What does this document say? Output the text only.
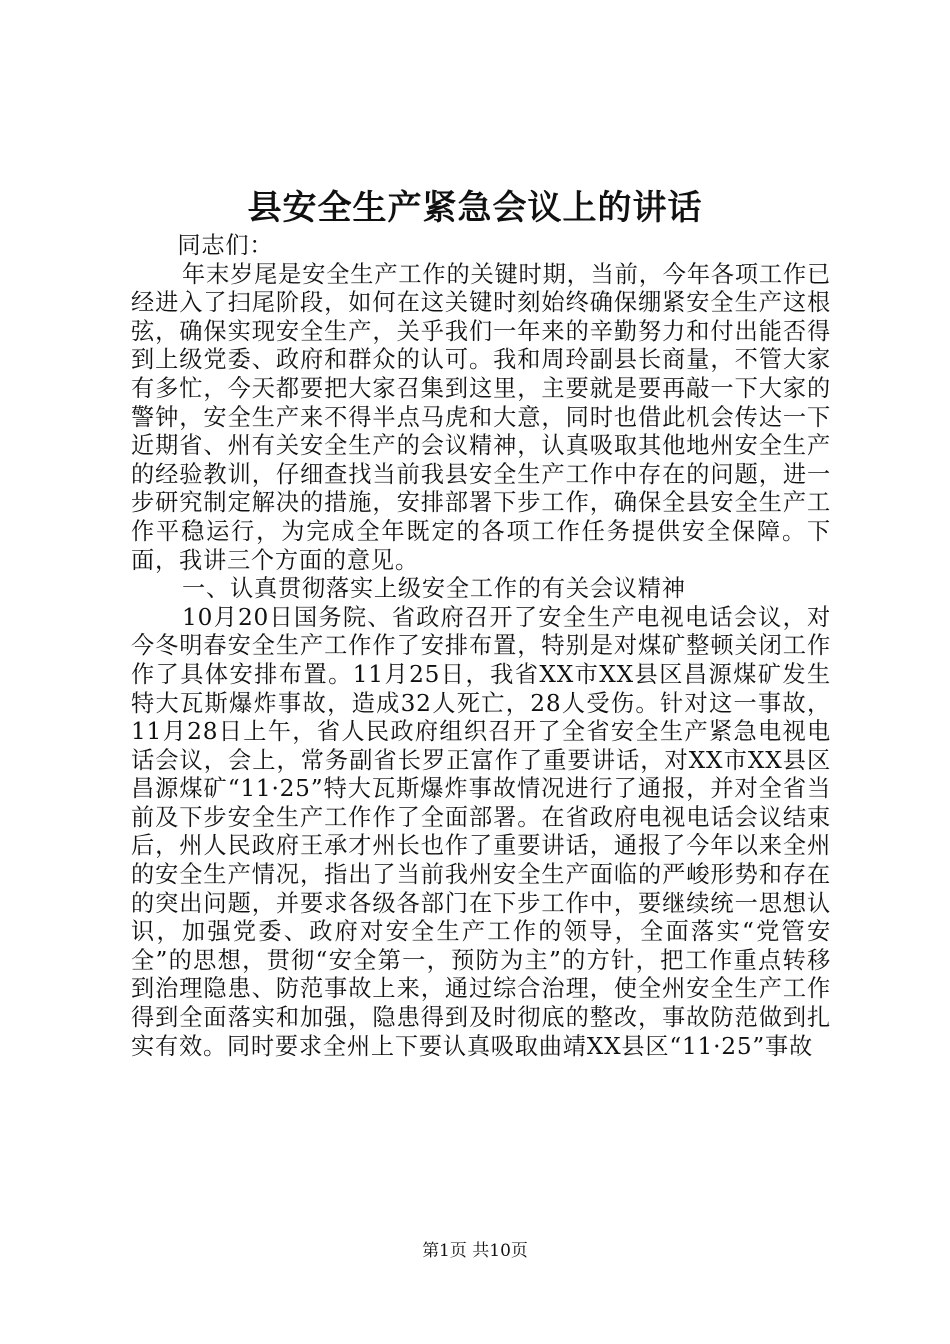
县安全生产紧急会议上的讲话

同志们：

年末岁尾是安全生产工作的关键时期，当前，今年各项工作已经进入了扫尾阶段，如何在这关键时刻始终确保绷紧安全生产这根弦，确保实现安全生产，关乎我们一年来的辛勤努力和付出能否得到上级党委、政府和群众的认可。我和周玲副县长商量，不管大家有多忙，今天都要把大家召集到这里，主要就是要再敲一下大家的警钟，安全生产来不得半点马虎和大意，同时也借此机会传达一下近期省、州有关安全生产的会议精神，认真吸取其他地州安全生产的经验教训，仔细查找当前我县安全生产工作中存在的问题，进一步研究制定解决的措施，安排部署下步工作，确保全县安全生产工作平稳运行，为完成全年既定的各项工作任务提供安全保障。下面，我讲三个方面的意见。

一、认真贯彻落实上级安全工作的有关会议精神

10月20日国务院、省政府召开了安全生产电视电话会议，对今冬明春安全生产工作作了安排布置，特别是对煤矿整顿关闭工作作了具体安排布置。11月25日，我省XX市XX县区昌源煤矿发生特大瓦斯爆炸事故，造成32人死亡，28人受伤。针对这一事故，11月28日上午，省人民政府组织召开了全省安全生产紧急电视电话会议，会上，常务副省长罗正富作了重要讲话，对XX市XX县区昌源煤矿“11·25”特大瓦斯爆炸事故情况进行了通报，并对全省当前及下步安全生产工作作了全面部署。在省政府电视电话会议结束后，州人民政府王承才州长也作了重要讲话，通报了今年以来全州的安全生产情况，指出了当前我州安全生产面临的严峻形势和存在的突出问题，并要求各级各部门在下步工作中，要继续统一思想认识，加强党委、政府对安全生产工作的领导，全面落实“党管安全”的思想，贯彻“安全第一，预防为主”的方针，把工作重点转移到治理隐患、防范事故上来，通过综合治理，使全州安全生产工作得到全面落实和加强，隐患得到及时彻底的整改，事故防范做到扎实有效。同时要求全州上下要认真吸取曲靖XX县区“11·25”事故

第1页 共10页
